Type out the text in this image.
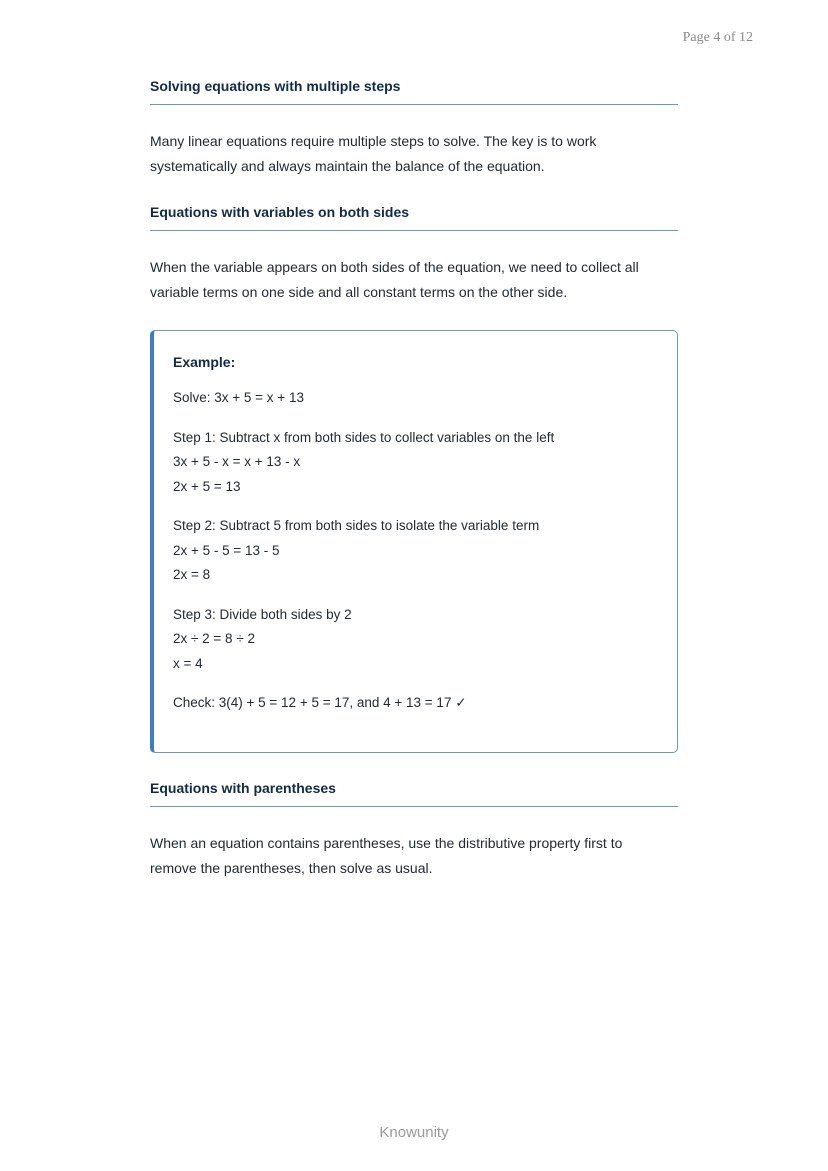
Page 4 of 12
Solving equations with multiple steps
Many linear equations require multiple steps to solve. The key is to work
systematically and always maintain the balance of the equation.
Equations with variables on both sides
When the variable appears on both sides of the equation, we need to collect all
variable terms on one side and all constant terms on the other side.
Example:
Solve: 3x + 5 = x + 13
Step 1: Subtract x from both sides to collect variables on the left
3x + 5 - x = x + 13 - x
2x + 5 = 13
Step 2: Subtract 5 from both sides to isolate the variable term
2x + 5 - 5 = 13 - 5
2x = 8
Step 3: Divide both sides by 2
2x ÷ 2 = 8 ÷ 2
x = 4
Check: 3(4) + 5 = 12 + 5 = 17, and 4 + 13 = 17 ✓
Equations with parentheses
When an equation contains parentheses, use the distributive property first to
remove the parentheses, then solve as usual.
Knowunity
